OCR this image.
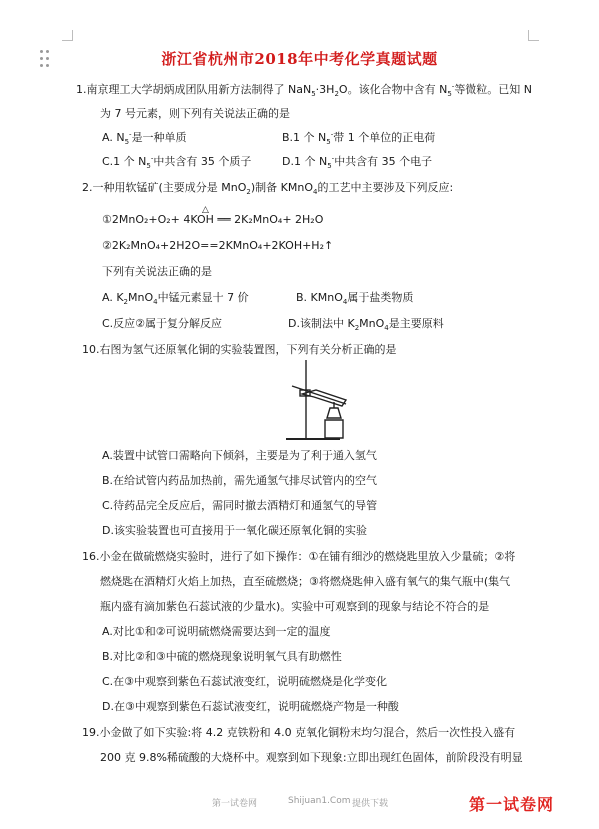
浙江省杭州市2018年中考化学真题试题
1.南京理工大学胡炳成团队用新方法制得了 $NaN_5\cdot 3H_2O$。该化合物中含有 $N_5^-$等微粒。已知 N
为 7 号元素，则下列有关说法正确的是
A. $N_5^-$是一种单质	B.1 个 $N_5^-$带 1 个单位的正电荷
C.1 个 $N_5^-$中共含有 35 个质子	D.1 个 $N_5^-$中共含有 35 个电子
2.一种用软锰矿(主要成分是 MnO$_2$)制备 KMnO$_4$的工艺中主要涉及下列反应:
△
①2MnO₂+O₂+ 4KOH ══ 2K₂MnO₄+ 2H₂O
②2K₂MnO₄+2H2O==2KMnO₄+2KOH+H₂↑
下列有关说法正确的是
A. $K_2MnO_4$中锰元素显十 7 价	B. KMnO$_4$属于盐类物质
C.反应②属于复分解反应	D.该制法中 $K_2MnO_4$是主要原料
10.右图为氢气还原氧化铜的实验装置图，下列有关分析正确的是
A.装置中试管口需略向下倾斜，主要是为了利于通入氢气
B.在给试管内药品加热前，需先通氢气排尽试管内的空气
C.待药品完全反应后，需同时撤去酒精灯和通氢气的导管
D.该实验装置也可直接用于一氧化碳还原氧化铜的实验
16.小金在做硫燃烧实验时，进行了如下操作：①在铺有细沙的燃烧匙里放入少量硫；②将
燃烧匙在酒精灯火焰上加热，直至硫燃烧；③将燃烧匙伸入盛有氧气的集气瓶中(集气
瓶内盛有滴加紫色石蕊试液的少量水)。实验中可观察到的现象与结论不符合的是
A.对比①和②可说明硫燃烧需要达到一定的温度
B.对比②和③中硫的燃烧现象说明氧气具有助燃性
C.在③中观察到紫色石蕊试液变红，说明硫燃烧是化学变化
D.在③中观察到紫色石蕊试液变红，说明硫燃烧产物是一种酸
19.小金做了如下实验:将 4.2 克铁粉和 4.0 克氧化铜粉末均匀混合，然后一次性投入盛有
200 克 9.8%稀硫酸的大烧杯中。观察到如下现象:立即出现红色固体，前阶段没有明显
第一试卷网	Shijuan1.Com 提供下载	第一试卷网
